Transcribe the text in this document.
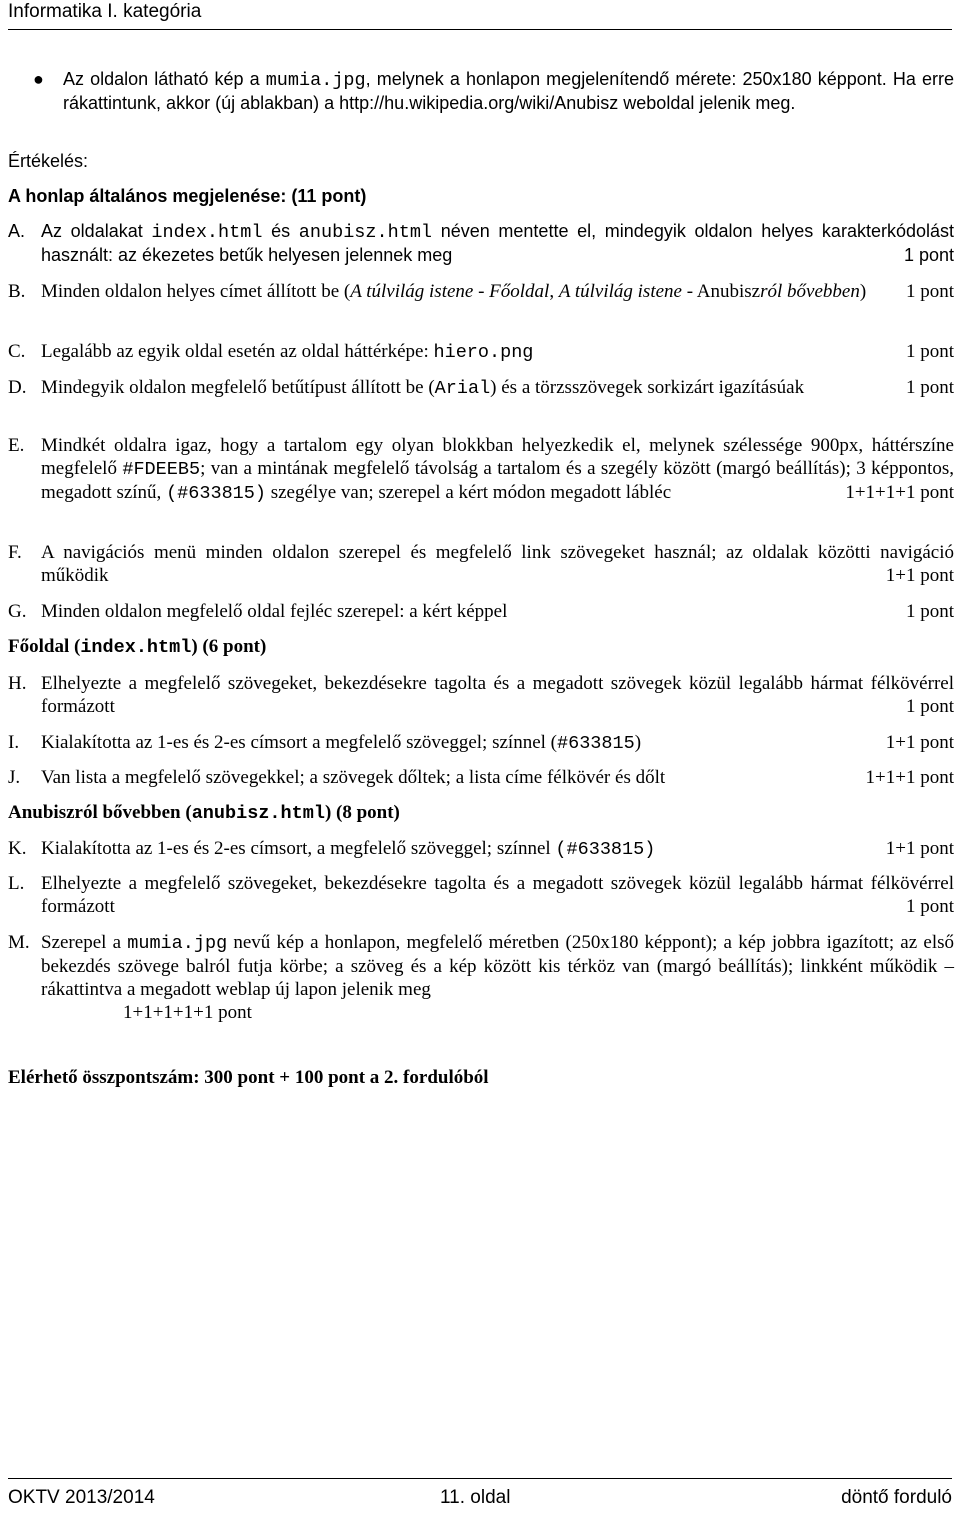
Informatika I. kategória
● Az oldalon látható kép a mumia.jpg, melynek a honlapon megjelenítendő mérete: 250x180 képpont. Ha erre rákattintunk, akkor (új ablakban) a http://hu.wikipedia.org/wiki/Anubisz weboldal jelenik meg.
Értékelés:
A honlap általános megjelenése: (11 pont)
A. Az oldalakat index.html és anubisz.html néven mentette el, mindegyik oldalon helyes karakterkódolást használt: az ékezetes betűk helyesen jelennek meg	1 pont
B. Minden oldalon helyes címet állított be (A túlvilág istene - Főoldal, A túlvilág istene - Anubiszról bővebben) 1 pont
C. Legalább az egyik oldal esetén az oldal háttérképe: hiero.png	1 pont
D. Mindegyik oldalon megfelelő betűtípust állított be (Arial) és a törzsszövegek sorkizárt igazításúak	1 pont
E. Mindkét oldalra igaz, hogy a tartalom egy olyan blokkban helyezkedik el, melynek szélessége 900px, háttérszíne megfelelő #FDEEB5; van a mintának megfelelő távolság a tartalom és a szegély között (margó beállítás); 3 képpontos, megadott színű, (#633815) szegélye van; szerepel a kért módon megadott lábléc	1+1+1+1 pont
F. A navigációs menü minden oldalon szerepel és megfelelő link szövegeket használ; az oldalak közötti navigáció működik	1+1 pont
G. Minden oldalon megfelelő oldal fejléc szerepel: a kért képpel	1 pont
Főoldal (index.html) (6 pont)
H. Elhelyezte a megfelelő szövegeket, bekezdésekre tagolta és a megadott szövegek közül legalább hármat félkövérrel formázott	1 pont
I. Kialakította az 1-es és 2-es címsort a megfelelő szöveggel; színnel (#633815)	1+1 pont
J. Van lista a megfelelő szövegekkel; a szövegek dőltek; a lista címe félkövér és dőlt	1+1+1 pont
Anubiszról bővebben (anubisz.html) (8 pont)
K. Kialakította az 1-es és 2-es címsort, a megfelelő szöveggel; színnel (#633815)	1+1 pont
L. Elhelyezte a megfelelő szövegeket, bekezdésekre tagolta és a megadott szövegek közül legalább hármat félkövérrel formázott	1 pont
M. Szerepel a mumia.jpg nevű kép a honlapon, megfelelő méretben (250x180 képpont); a kép jobbra igazított; az első bekezdés szövege balról futja körbe; a szöveg és a kép között kis térköz van (margó beállítás); linkként működik – rákattintva a megadott weblap új lapon jelenik meg
1+1+1+1+1 pont
Elérhető összpontszám: 300 pont + 100 pont a 2. fordulóból
OKTV 2013/2014	11. oldal	döntő forduló
